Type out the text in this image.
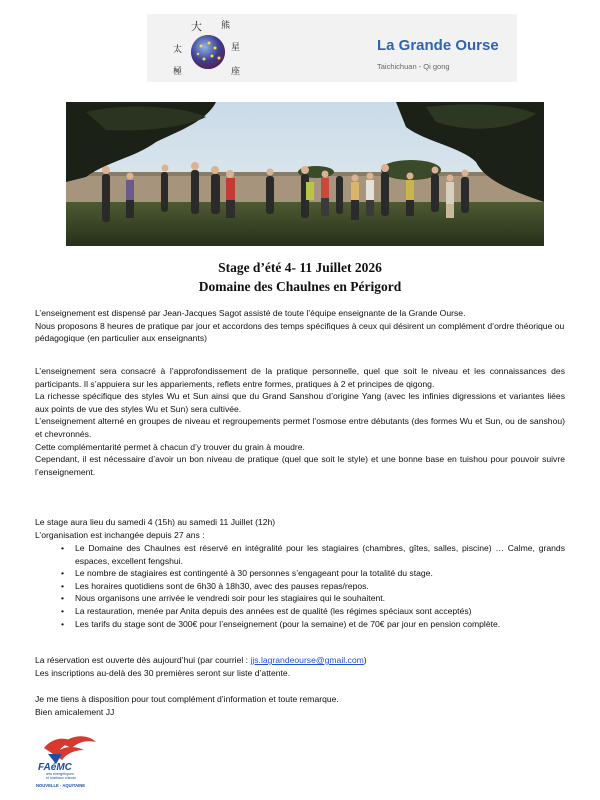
大 熊
太	星
極	座
La Grande Ourse
Taichichuan - Qi gong
Stage d’été 4- 11 Juillet 2026
Domaine des Chaulnes en Périgord

L’enseignement est dispensé par Jean-Jacques Sagot assisté de toute l’équipe enseignante de la Grande Ourse.

Nous proposons 8 heures de pratique par jour et accordons des temps spécifiques à ceux qui désirent un complément d’ordre théorique ou pédagogique (en particulier aux enseignants)

L’enseignement sera consacré à l’approfondissement de la pratique personnelle, quel que soit le niveau et les connaissances des participants. Il s’appuiera sur les appariements, reflets entre formes, pratiques à 2 et principes de qigong.

La richesse spécifique des styles Wu et Sun ainsi que du Grand Sanshou d’origine Yang (avec les infinies digressions et variantes liées aux points de vue des styles Wu et Sun) sera cultivée.

L’enseignement alterné en groupes de niveau et regroupements permet l’osmose entre débutants (des formes Wu et Sun, ou de sanshou) et chevronnés.

Cette complémentarité permet à chacun d’y trouver du grain à moudre.

Cependant, il est nécessaire d’avoir un bon niveau de pratique (quel que soit le style) et une bonne base en tuishou pour pouvoir suivre l’enseignement.

Le stage aura lieu du samedi 4 (15h) au samedi 11 Juillet (12h)

L’organisation est inchangée depuis 27 ans :

• Le Domaine des Chaulnes est réservé en intégralité pour les stagiaires (chambres, gîtes, salles, piscine) … Calme, grands espaces, excellent fengshui.
• Le nombre de stagiaires est contingenté à 30 personnes s’engageant pour la totalité du stage.
• Les horaires quotidiens sont de 6h30 à 18h30, avec des pauses repas/repos.
• Nous organisons une arrivée le vendredi soir pour les stagiaires qui le souhaitent.
• La restauration, menée par Anita depuis des années est de qualité (les régimes spéciaux sont acceptés)
• Les tarifs du stage sont de 300€ pour l’enseignement (pour la semaine) et de 70€ par jour en pension complète.

La réservation est ouverte dès aujourd’hui (par courriel : jjs.lagrandeourse@gmail.com)

Les inscriptions au-delà des 30 premières seront sur liste d’attente.

Je me tiens à disposition pour tout complément d’information et toute remarque.

Bien amicalement JJ

FAéMC
arts énergétiques
et martiaux chinois
NOUVELLE - AQUITAINE
